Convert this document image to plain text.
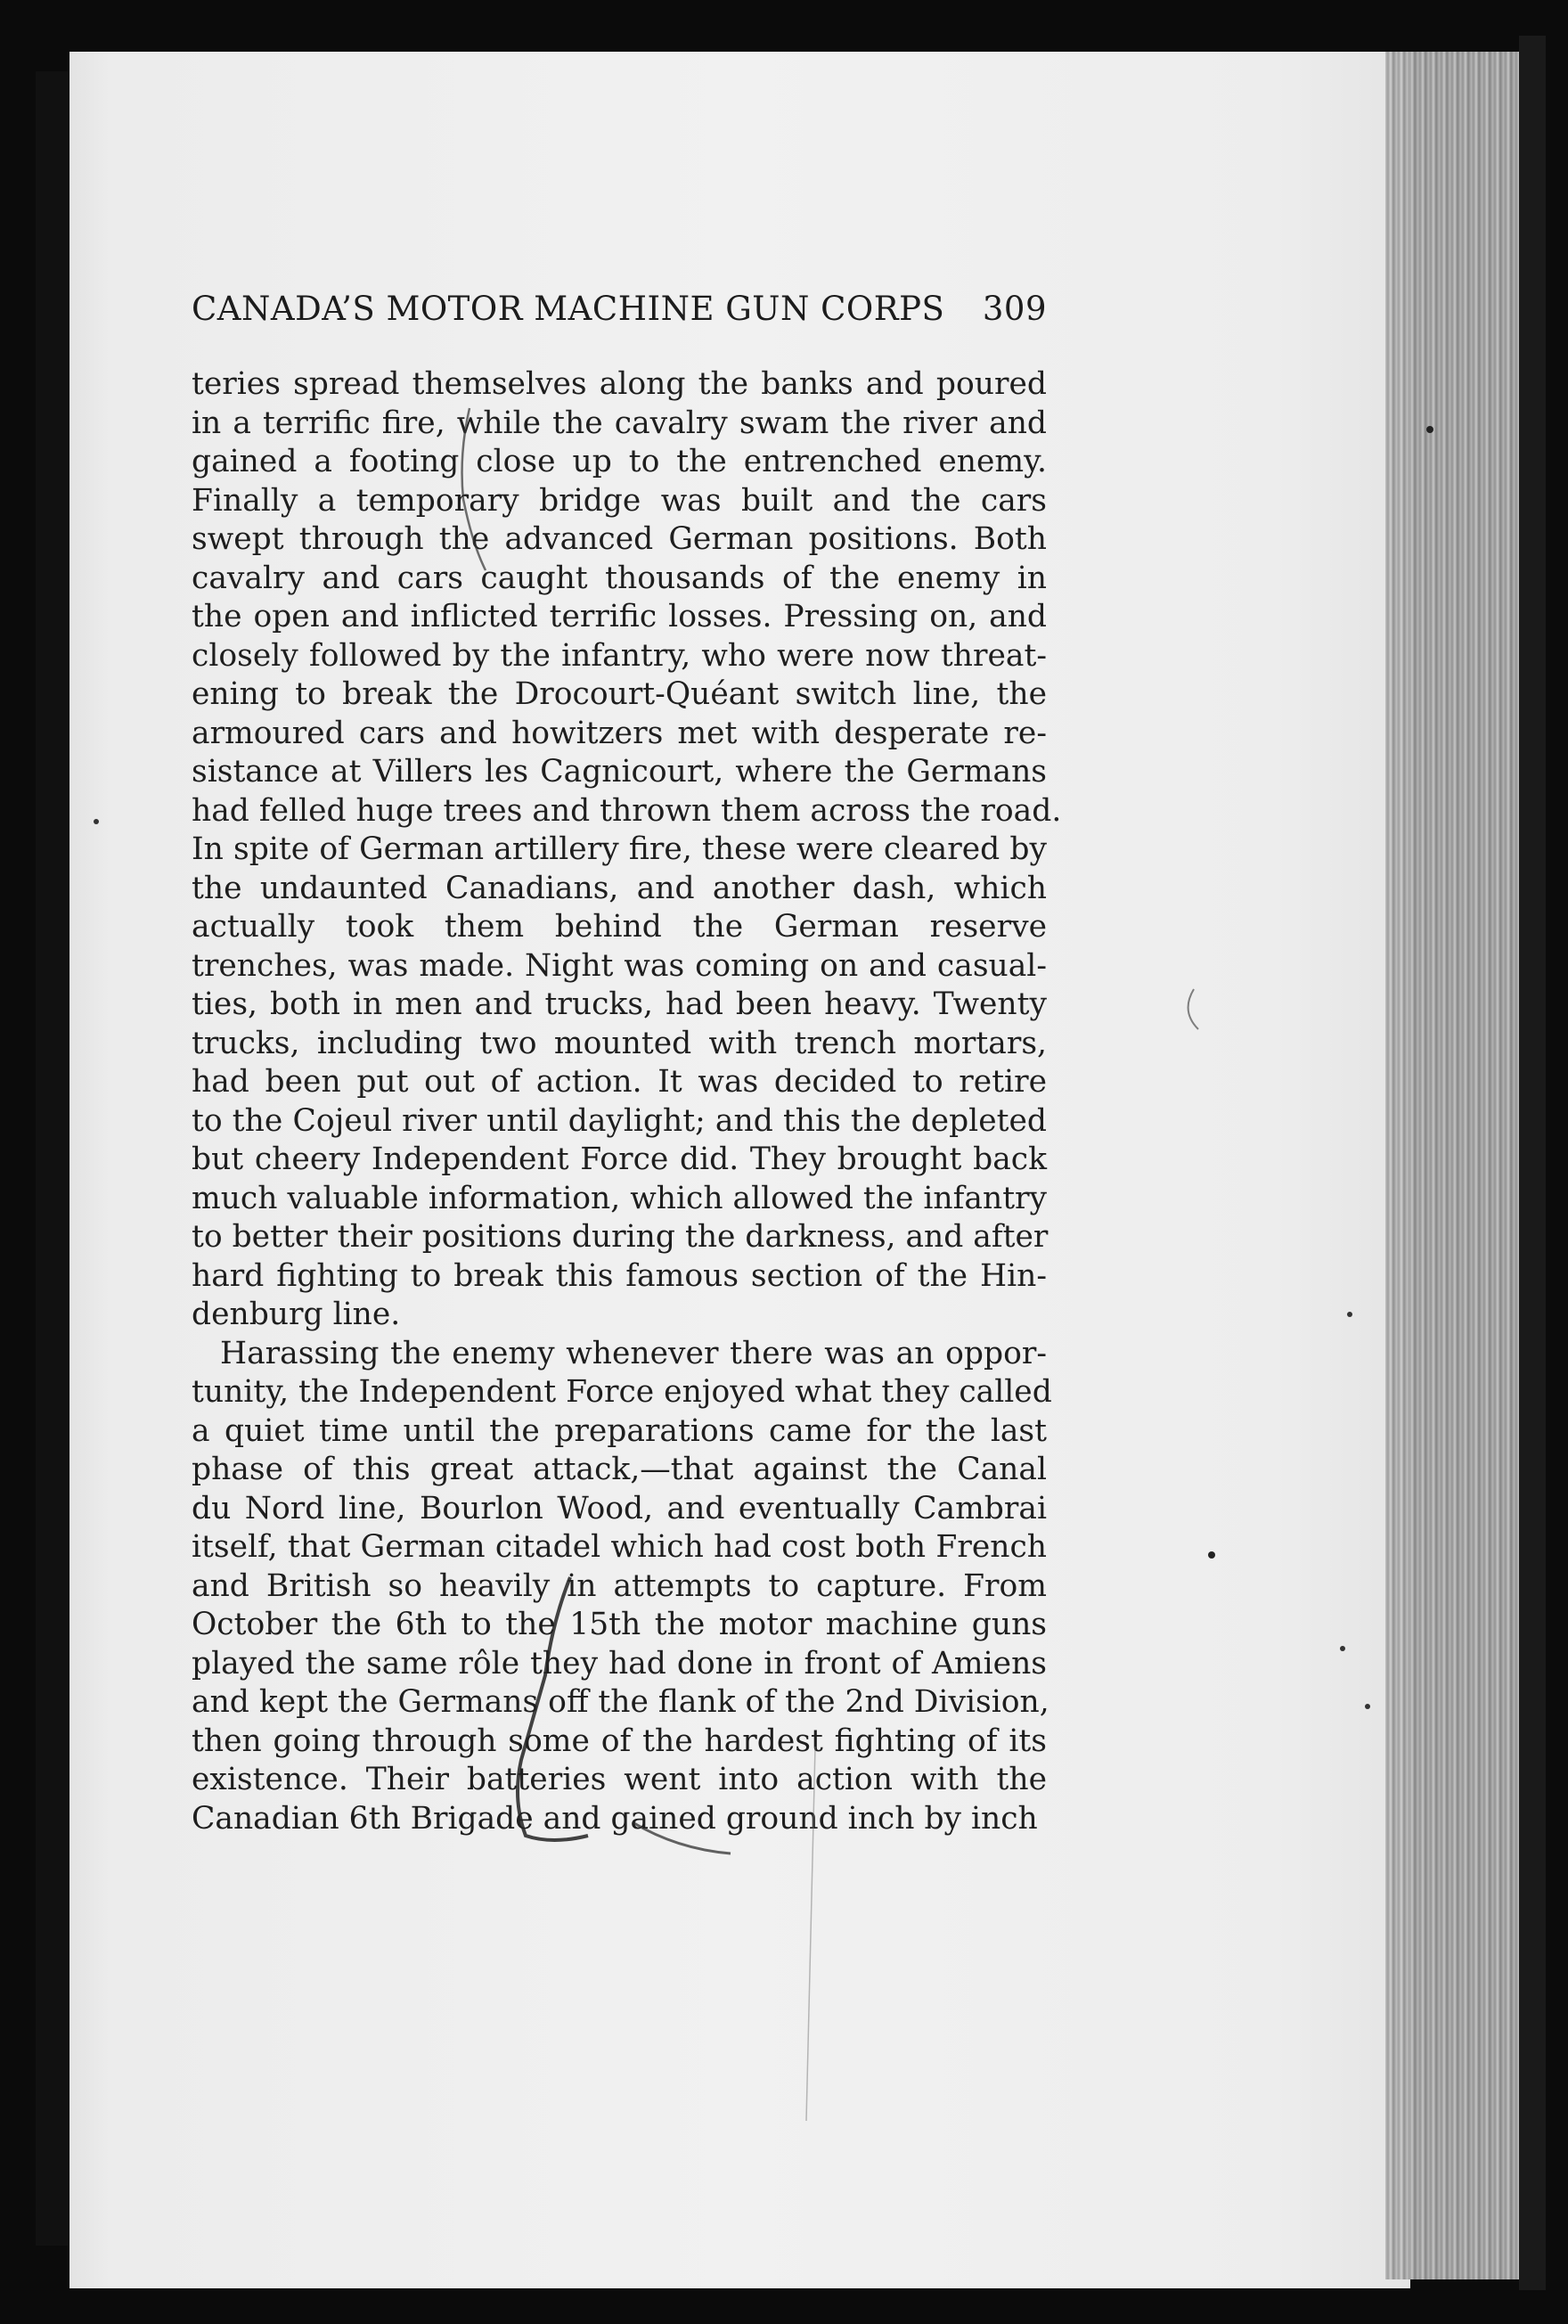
CANADA’S MOTOR MACHINE GUN CORPS 309
teries spread themselves along the banks and poured
in a terrific fire, while the cavalry swam the river and
gained a footing close up to the entrenched enemy.
Finally a temporary bridge was built and the cars
swept through the advanced German positions. Both
cavalry and cars caught thousands of the enemy in
the open and inflicted terrific losses. Pressing on, and
closely followed by the infantry, who were now threat-
ening to break the Drocourt-Quéant switch line, the
armoured cars and howitzers met with desperate re-
sistance at Villers les Cagnicourt, where the Germans
had felled huge trees and thrown them across the road.
In spite of German artillery fire, these were cleared by
the undaunted Canadians, and another dash, which
actually took them behind the German reserve
trenches, was made. Night was coming on and casual-
ties, both in men and trucks, had been heavy. Twenty
trucks, including two mounted with trench mortars,
had been put out of action. It was decided to retire
to the Cojeul river until daylight; and this the depleted
but cheery Independent Force did. They brought back
much valuable information, which allowed the infantry
to better their positions during the darkness, and after
hard fighting to break this famous section of the Hin-
denburg line.
Harassing the enemy whenever there was an oppor-
tunity, the Independent Force enjoyed what they called
a quiet time until the preparations came for the last
phase of this great attack,—that against the Canal
du Nord line, Bourlon Wood, and eventually Cambrai
itself, that German citadel which had cost both French
and British so heavily in attempts to capture. From
October the 6th to the 15th the motor machine guns
played the same rôle they had done in front of Amiens
and kept the Germans off the flank of the 2nd Division,
then going through some of the hardest fighting of its
existence. Their batteries went into action with the
Canadian 6th Brigade and gained ground inch by inch
